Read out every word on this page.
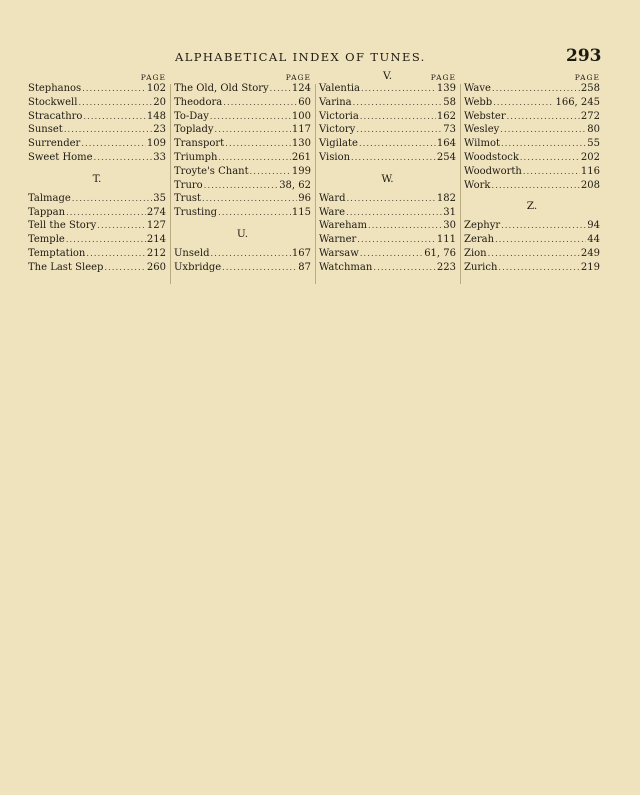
ALPHABETICAL INDEX OF TUNES.	293
PAGE
Stephanos .....	102
Stockwell .....	20
Stracathro .....	148
Sunset .....	23
Surrender .....	109
Sweet Home .....	33
T.
Talmage .....	35
Tappan .....	274
Tell the Story .....	127
Temple .....	214
Temptation .....	212
The Last Sleep .....	260
PAGE
The Old, Old Story ..... 124
Theodora .....	60
To-Day .....	100
Toplady .....	117
Transport .....	130
Triumph .....	261
Troyte's Chant .....	199
Truro .....	38, 62
Trust .....	96
Trusting .....	115
U.
Unseld .....	167
Uxbridge .....	87
V.	PAGE
Valentia .....	139
Varina .....	58
Victoria .....	162
Victory .....	73
Vigilate .....	164
Vision .....	254
W.
Ward .....	182
Ware .....	31
Wareham .....	30
Warner .....	111
Warsaw .....	61, 76
Watchman .....	223
PAGE
Wave .....	258
Webb .....	166, 245
Webster .....	272
Wesley .....	80
Wilmot .....	55
Woodstock .....	202
Woodworth .....	116
Work .....	208
Z.
Zephyr .....	94
Zerah .....	44
Zion .....	249
Zurich .....	219
